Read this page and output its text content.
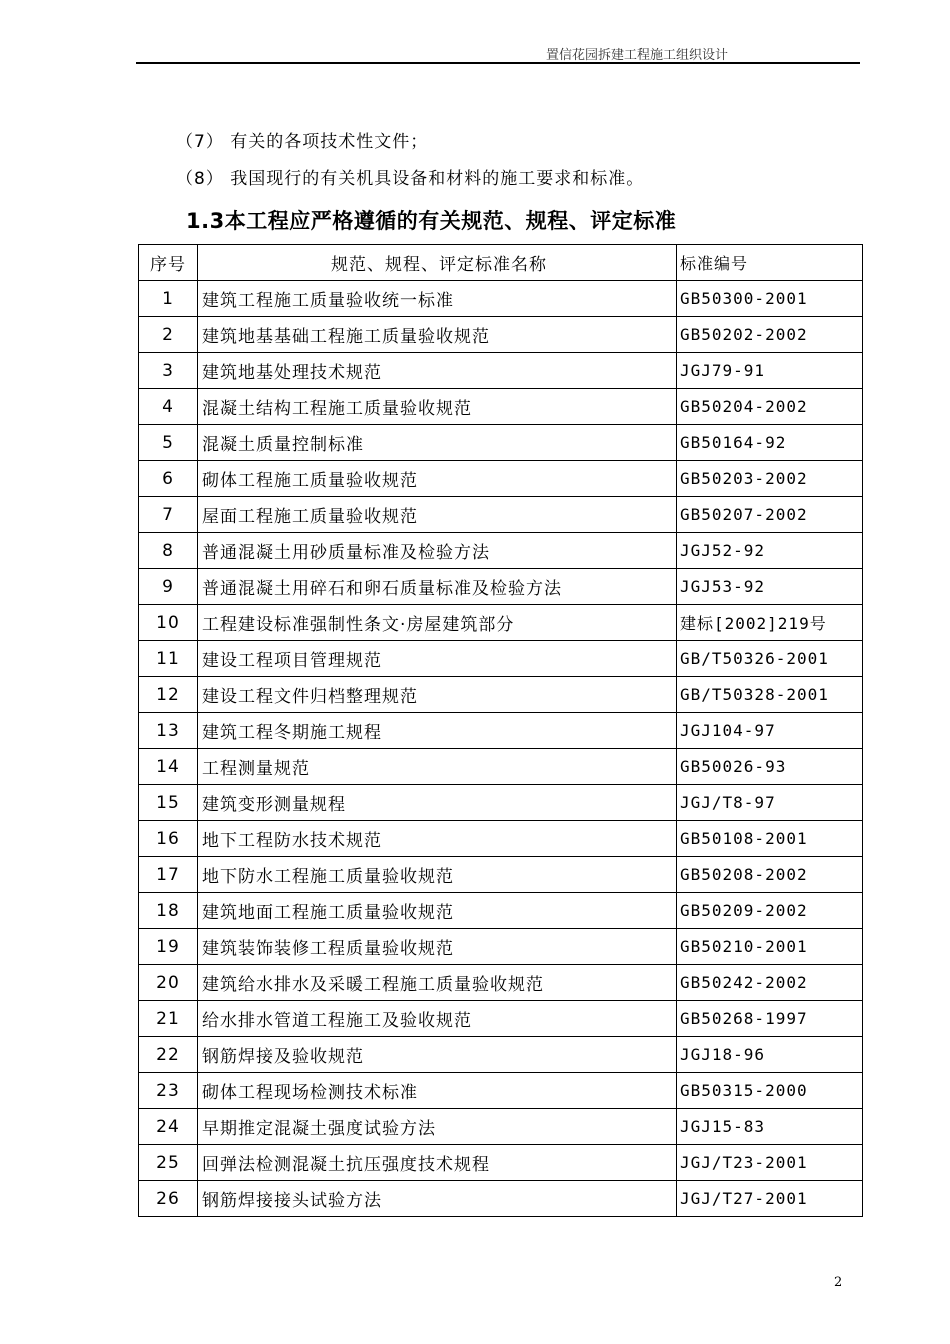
置信花园拆建工程施工组织设计
（7） 有关的各项技术性文件；
（8） 我国现行的有关机具设备和材料的施工要求和标准。
1.3本工程应严格遵循的有关规范、规程、评定标准
序号	规范、规程、评定标准名称	标准编号
1	建筑工程施工质量验收统一标准	GB50300-2001
2	建筑地基基础工程施工质量验收规范	GB50202-2002
3	建筑地基处理技术规范	JGJ79-91
4	混凝土结构工程施工质量验收规范	GB50204-2002
5	混凝土质量控制标准	GB50164-92
6	砌体工程施工质量验收规范	GB50203-2002
7	屋面工程施工质量验收规范	GB50207-2002
8	普通混凝土用砂质量标准及检验方法	JGJ52-92
9	普通混凝土用碎石和卵石质量标准及检验方法	JGJ53-92
10	工程建设标准强制性条文·房屋建筑部分	建标[2002]219号
11	建设工程项目管理规范	GB/T50326-2001
12	建设工程文件归档整理规范	GB/T50328-2001
13	建筑工程冬期施工规程	JGJ104-97
14	工程测量规范	GB50026-93
15	建筑变形测量规程	JGJ/T8-97
16	地下工程防水技术规范	GB50108-2001
17	地下防水工程施工质量验收规范	GB50208-2002
18	建筑地面工程施工质量验收规范	GB50209-2002
19	建筑装饰装修工程质量验收规范	GB50210-2001
20	建筑给水排水及采暖工程施工质量验收规范	GB50242-2002
21	给水排水管道工程施工及验收规范	GB50268-1997
22	钢筋焊接及验收规范	JGJ18-96
23	砌体工程现场检测技术标准	GB50315-2000
24	早期推定混凝土强度试验方法	JGJ15-83
25	回弹法检测混凝土抗压强度技术规程	JGJ/T23-2001
26	钢筋焊接接头试验方法	JGJ/T27-2001
2
